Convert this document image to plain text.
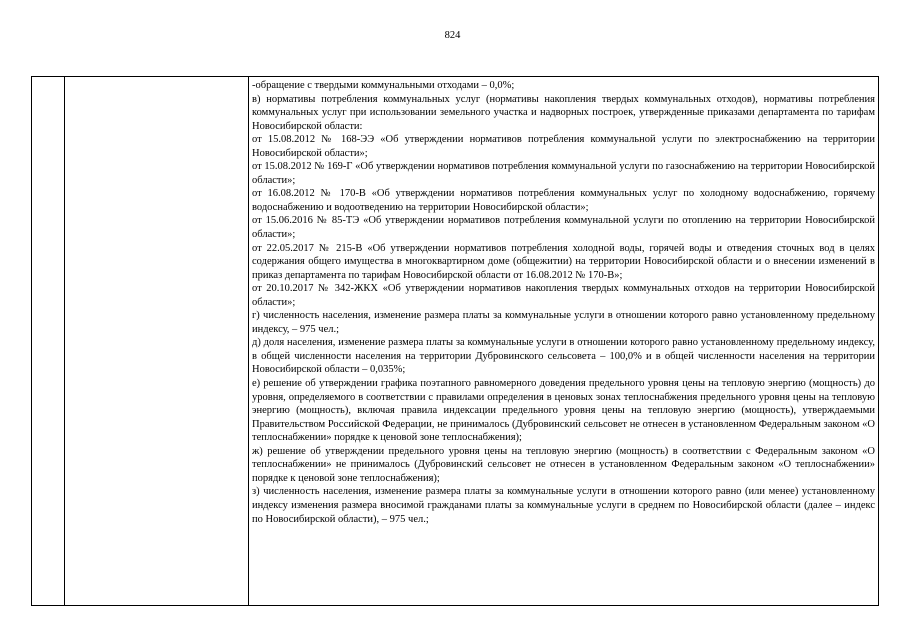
824

-обращение с твердыми коммунальными отходами – 0,0%;

в) нормативы потребления коммунальных услуг (нормативы накопления твердых коммунальных отходов), нормативы потребления коммунальных услуг при использовании земельного участка и надворных построек, утвержденные приказами департамента по тарифам Новосибирской области:

от 15.08.2012 № 168-ЭЭ «Об утверждении нормативов потребления коммунальной услуги по электроснабжению на территории Новосибирской области»;

от 15.08.2012 № 169-Г «Об утверждении нормативов потребления коммунальной услуги по газоснабжению на территории Новосибирской области»;

от 16.08.2012 № 170-В «Об утверждении нормативов потребления коммунальных услуг по холодному водоснабжению, горячему водоснабжению и водоотведению на территории Новосибирской области»;

от 15.06.2016 № 85-ТЭ «Об утверждении нормативов потребления коммунальной услуги по отоплению на территории Новосибирской области»;

от 22.05.2017 № 215-В «Об утверждении нормативов потребления холодной воды, горячей воды и отведения сточных вод в целях содержания общего имущества в многоквартирном доме (общежитии) на территории Новосибирской области и о внесении изменений в приказ департамента по тарифам Новосибирской области от 16.08.2012 № 170-В»;

от 20.10.2017 № 342-ЖКХ «Об утверждении нормативов накопления твердых коммунальных отходов на территории Новосибирской области»;

г) численность населения, изменение размера платы за коммунальные услуги в отношении которого равно установленному предельному индексу, – 975 чел.;

д) доля населения, изменение размера платы за коммунальные услуги в отношении которого равно установленному предельному индексу, в общей численности населения на территории Дубровинского сельсовета – 100,0% и в общей численности населения на территории Новосибирской области – 0,035%;

е) решение об утверждении графика поэтапного равномерного доведения предельного уровня цены на тепловую энергию (мощность) до уровня, определяемого в соответствии с правилами определения в ценовых зонах теплоснабжения предельного уровня цены на тепловую энергию (мощность), включая правила индексации предельного уровня цены на тепловую энергию (мощность), утверждаемыми Правительством Российской Федерации, не принималось (Дубровинский сельсовет не отнесен в установленном Федеральным законом «О теплоснабжении» порядке к ценовой зоне теплоснабжения);

ж) решение об утверждении предельного уровня цены на тепловую энергию (мощность) в соответствии с Федеральным законом «О теплоснабжении» не принималось (Дубровинский сельсовет не отнесен в установленном Федеральным законом «О теплоснабжении» порядке к ценовой зоне теплоснабжения);

з) численность населения, изменение размера платы за коммунальные услуги в отношении которого равно (или менее) установленному индексу изменения размера вносимой гражданами платы за коммунальные услуги в среднем по Новосибирской области (далее – индекс по Новосибирской области), – 975 чел.;
